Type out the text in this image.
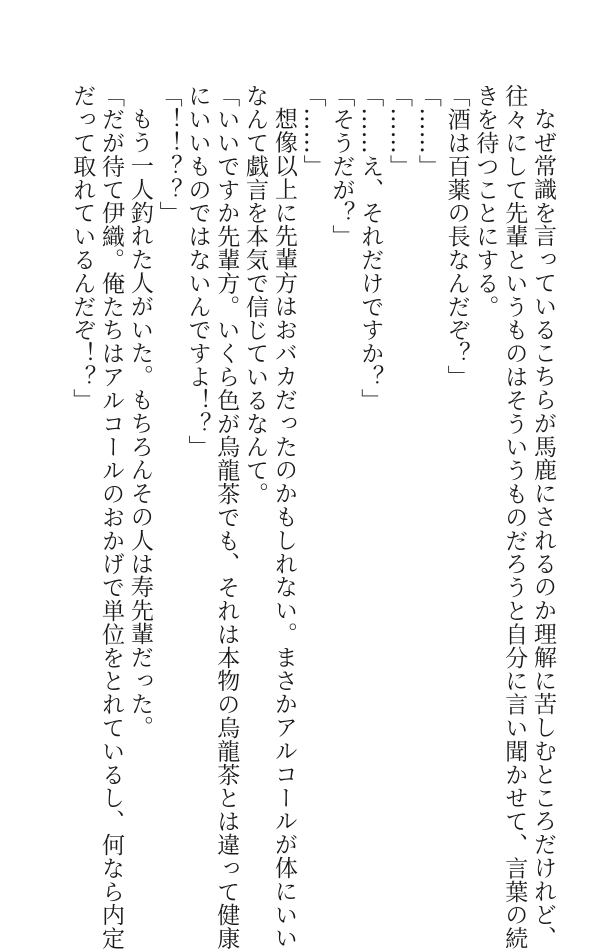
なぜ常識を言っているこちらが馬鹿にされるのか理解に苦しむところだけれど、
往々にして先輩というものはそういうものだろうと自分に言い聞かせて、言葉の続
きを待つことにする。
「酒は百薬の長なんだぞ？」
「……」
「……」
「……え、それだけですか？」
「そうだが？」
「……」
想像以上に先輩方はおバカだったのかもしれない。まさかアルコールが体にいい
なんて戯言を本気で信じているなんて。
「いいですか先輩方。いくら色が烏龍茶でも、それは本物の烏龍茶とは違って健康
にいいものではないんですよ！？」
「！！？？」
もう一人釣れた人がいた。もちろんその人は寿先輩だった。
「だが待て伊織。俺たちはアルコールのおかげで単位をとれているし、何なら内定
だって取れているんだぞ！？」
